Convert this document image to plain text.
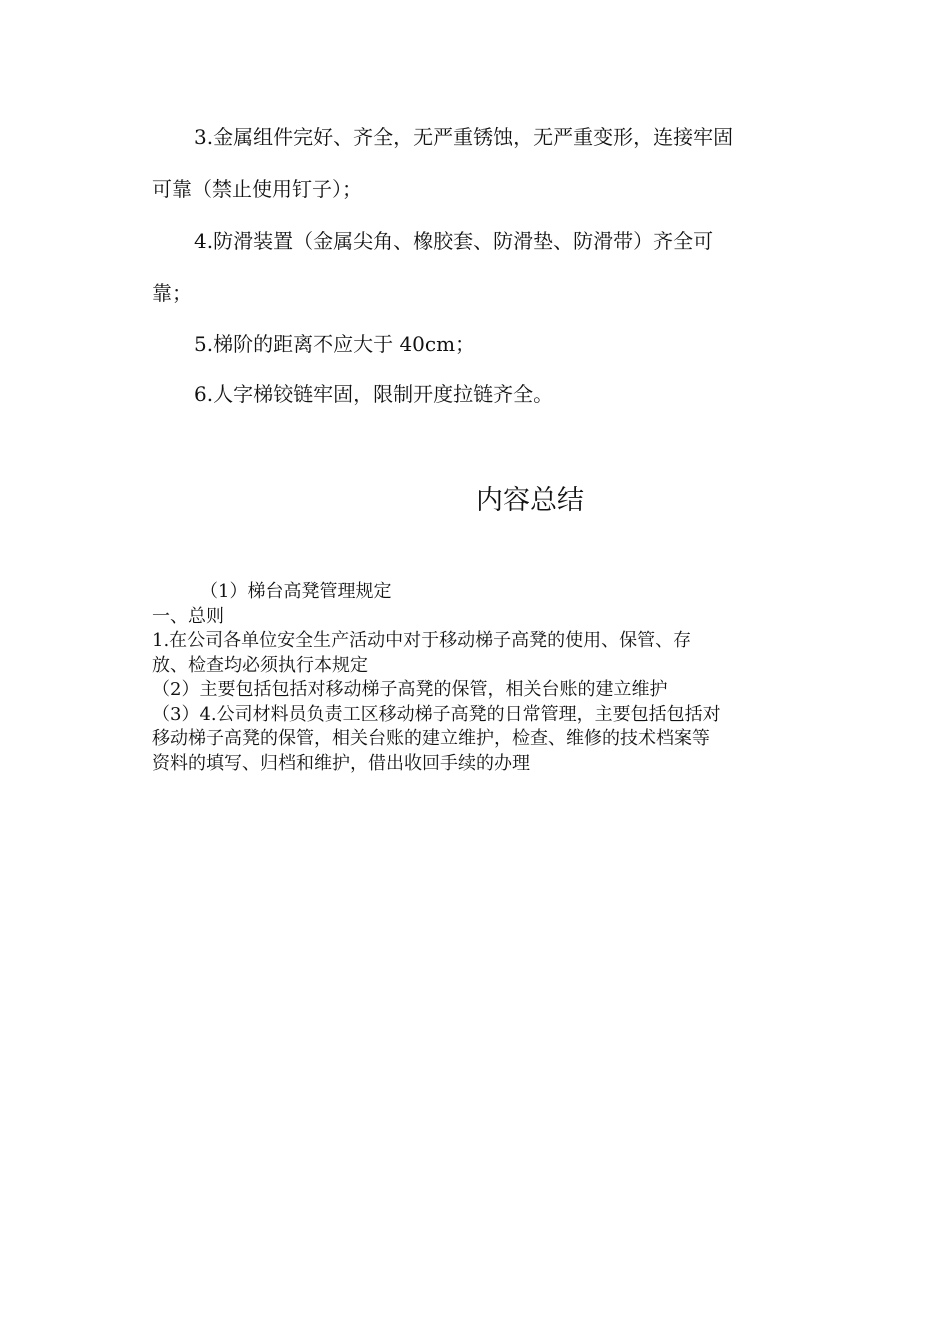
3.金属组件完好、齐全，无严重锈蚀，无严重变形，连接牢固

可靠（禁止使用钉子）；

4.防滑装置（金属尖角、橡胶套、防滑垫、防滑带）齐全可

靠；

5.梯阶的距离不应大于 40cm；

6.人字梯铰链牢固，限制开度拉链齐全。

内容总结

（1）梯台高凳管理规定

一、总则

1.在公司各单位安全生产活动中对于移动梯子高凳的使用、保管、存

放、检查均必须执行本规定

（2）主要包括包括对移动梯子高凳的保管，相关台账的建立维护

（3）4.公司材料员负责工区移动梯子高凳的日常管理，主要包括包括对

移动梯子高凳的保管，相关台账的建立维护，检查、维修的技术档案等

资料的填写、归档和维护，借出收回手续的办理
